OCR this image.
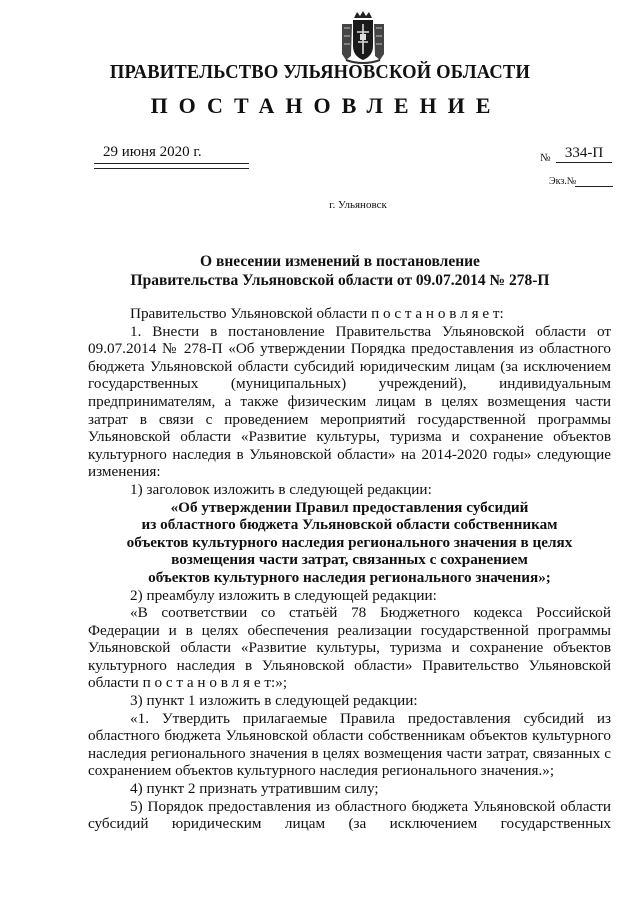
ПРАВИТЕЛЬСТВО УЛЬЯНОВСКОЙ ОБЛАСТИ
ПОСТАНОВЛЕНИЕ
29 июня 2020 г.	№ 334-П
Экз.№
г. Ульяновск
О внесении изменений в постановление
Правительства Ульяновской области от 09.07.2014 № 278-П

Правительство Ульяновской области п о с т а н о в л я е т:

1. Внести в постановление Правительства Ульяновской области от 09.07.2014 № 278-П «Об утверждении Порядка предоставления из областного бюджета Ульяновской области субсидий юридическим лицам (за исключением государственных (муниципальных) учреждений), индивидуальным предпринимателям, а также физическим лицам в целях возмещения части затрат в связи с проведением мероприятий государственной программы Ульяновской области «Развитие культуры, туризма и сохранение объектов культурного наследия в Ульяновской области» на 2014-2020 годы» следующие изменения:

1) заголовок изложить в следующей редакции:

«Об утверждении Правил предоставления субсидий

из областного бюджета Ульяновской области собственникам

объектов культурного наследия регионального значения в целях

возмещения части затрат, связанных с сохранением

объектов культурного наследия регионального значения»;

2) преамбулу изложить в следующей редакции:

«В соответствии со статьёй 78 Бюджетного кодекса Российской Федерации и в целях обеспечения реализации государственной программы Ульяновской области «Развитие культуры, туризма и сохранение объектов культурного наследия в Ульяновской области» Правительство Ульяновской области п о с т а н о в л я е т:»;

3) пункт 1 изложить в следующей редакции:

«1. Утвердить прилагаемые Правила предоставления субсидий из областного бюджета Ульяновской области собственникам объектов культурного наследия регионального значения в целях возмещения части затрат, связанных с сохранением объектов культурного наследия регионального значения.»;

4) пункт 2 признать утратившим силу;

5) Порядок предоставления из областного бюджета Ульяновской области субсидий юридическим лицам (за исключением государственных
